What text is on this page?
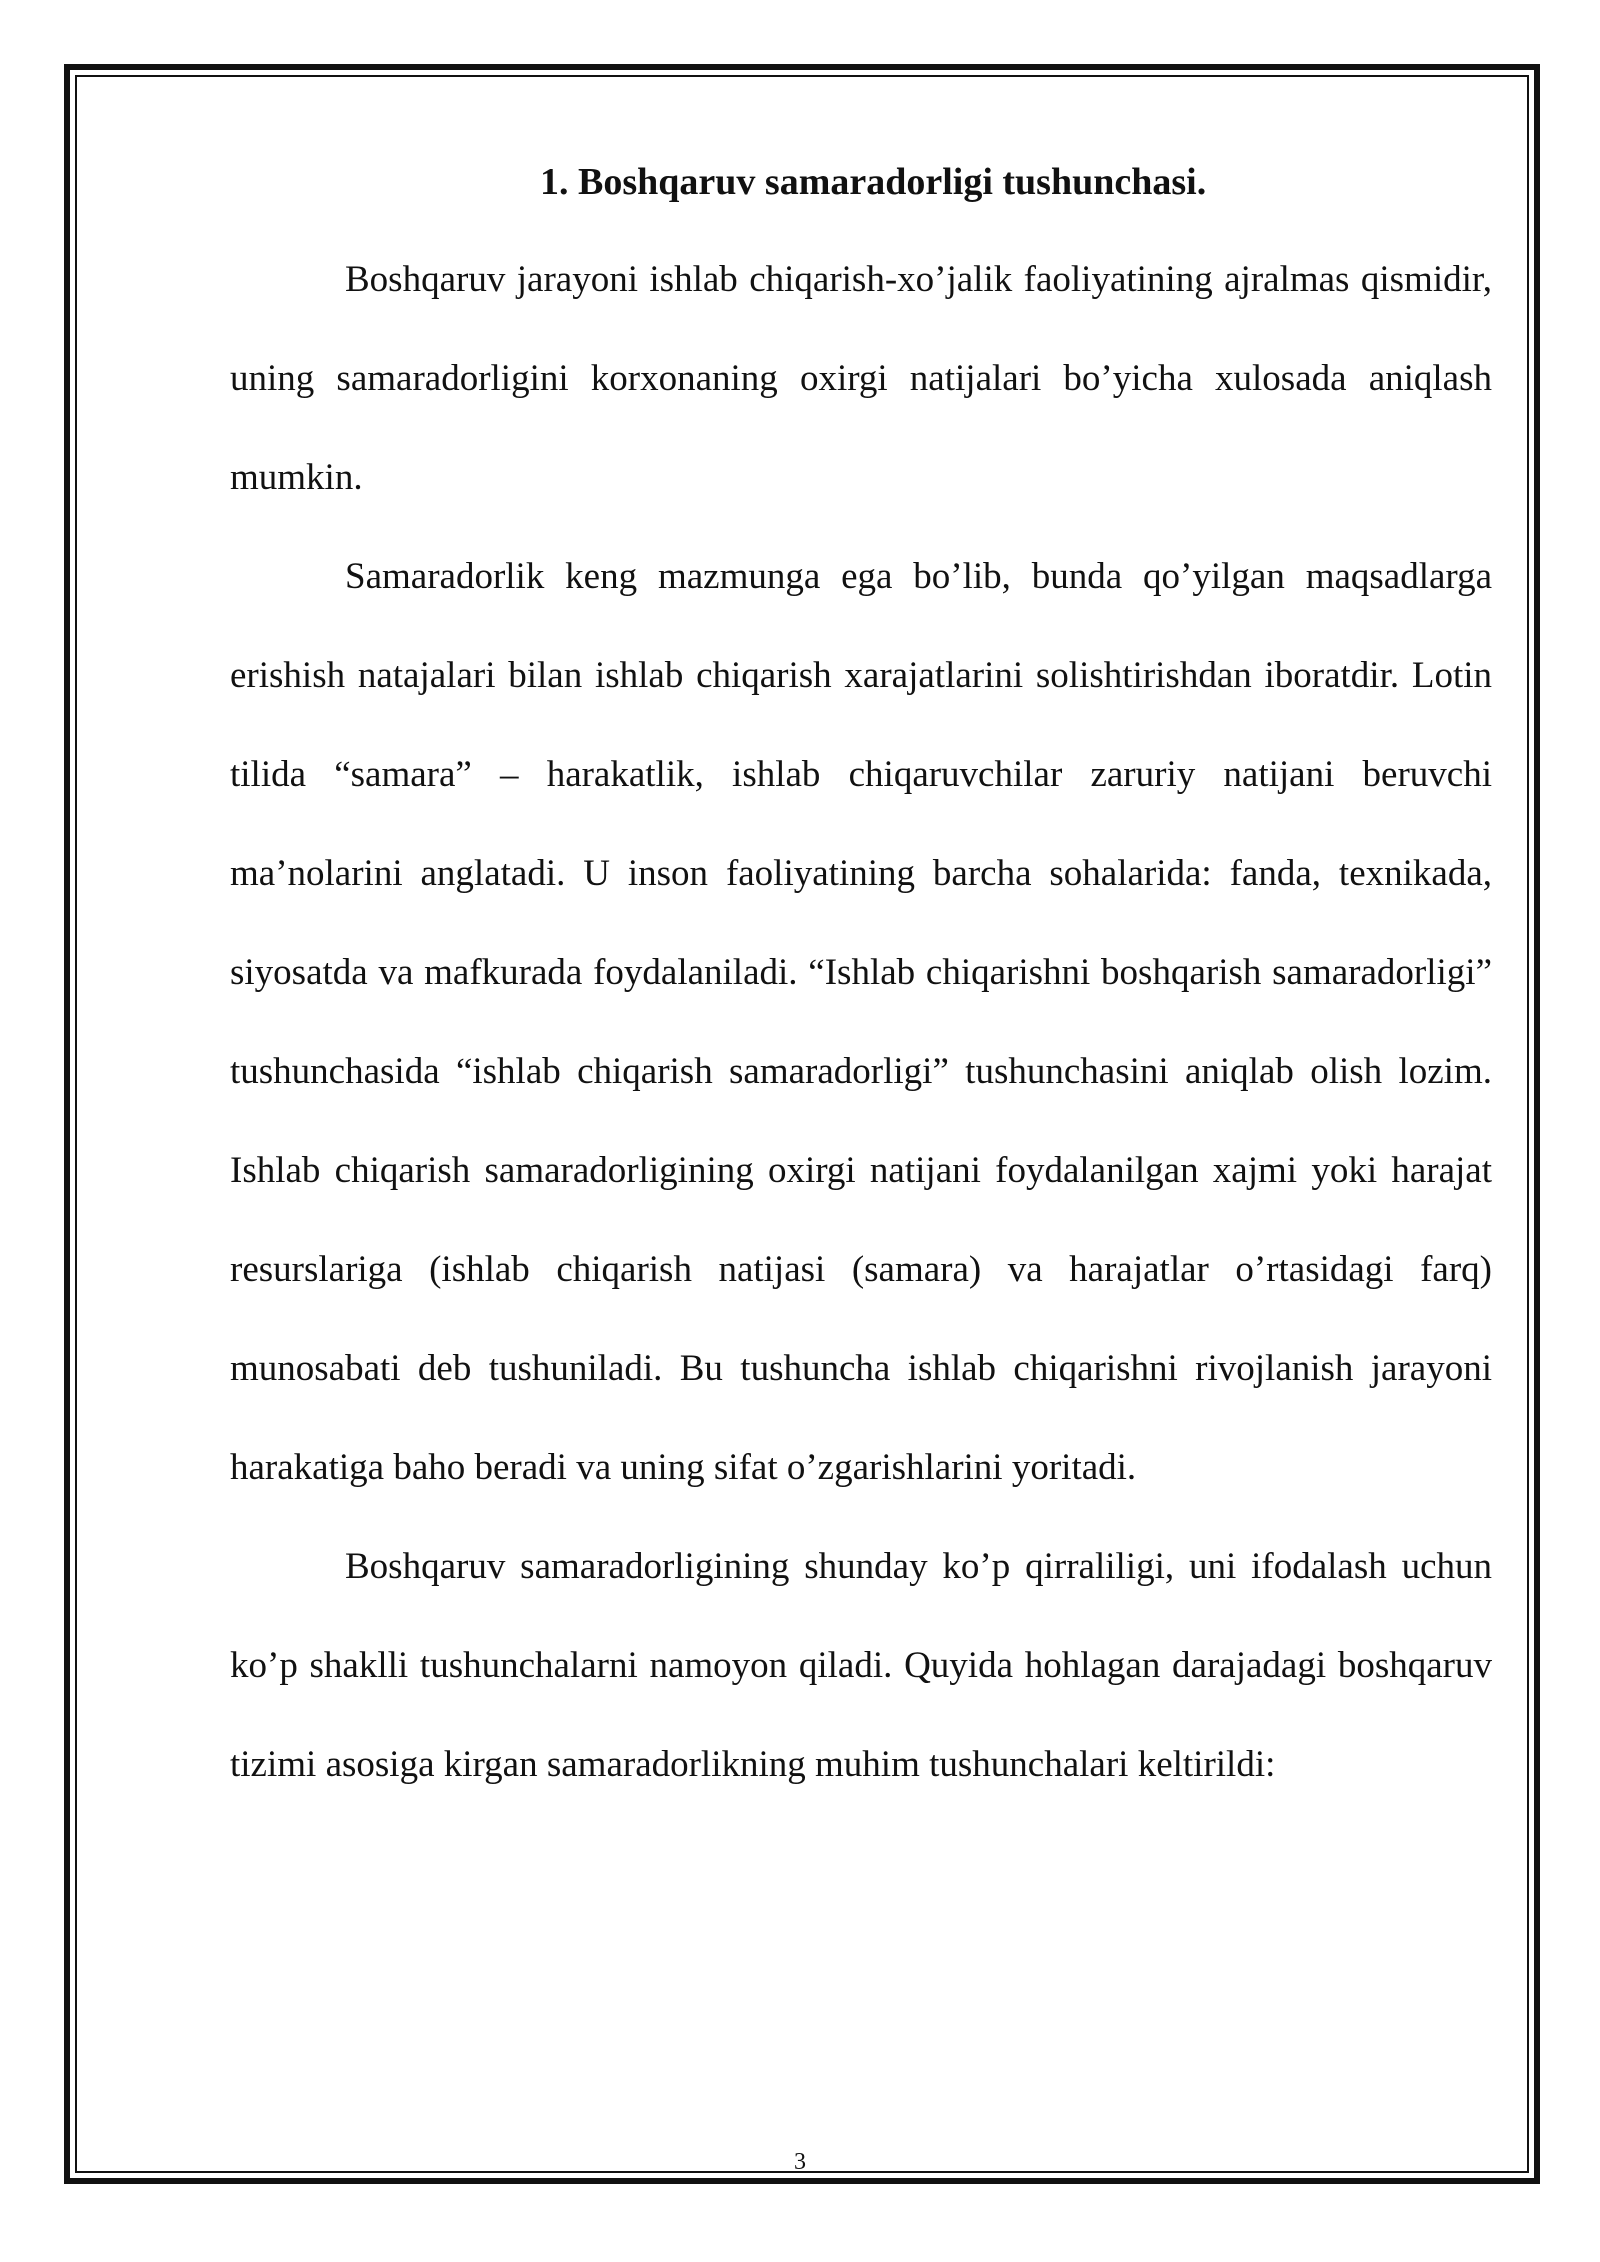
1. Boshqaruv samaradorligi tushunchasi.

Boshqaruv jarayoni ishlab chiqarish-xo’jalik faoliyatining ajralmas qismidir, uning samaradorligini korxonaning oxirgi natijalari bo’yicha xulosada aniqlash mumkin.

Samaradorlik keng mazmunga ega bo’lib, bunda qo’yilgan maqsadlarga erishish natajalari bilan ishlab chiqarish xarajatlarini solishtirishdan iboratdir. Lotin tilida “samara” – harakatlik, ishlab chiqaruvchilar zaruriy natijani beruvchi ma’nolarini anglatadi. U inson faoliyatining barcha sohalarida: fanda, texnikada, siyosatda va mafkurada foydalaniladi. “Ishlab chiqarishni boshqarish samaradorligi” tushunchasida “ishlab chiqarish samaradorligi” tushunchasini aniqlab olish lozim. Ishlab chiqarish samaradorligining oxirgi natijani foydalanilgan xajmi yoki harajat resurslariga (ishlab chiqarish natijasi (samara) va harajatlar o’rtasidagi farq) munosabati deb tushuniladi. Bu tushuncha ishlab chiqarishni rivojlanish jarayoni harakatiga baho beradi va uning sifat o’zgarishlarini yoritadi.

Boshqaruv samaradorligining shunday ko’p qirraliligi, uni ifodalash uchun ko’p shaklli tushunchalarni namoyon qiladi. Quyida hohlagan darajadagi boshqaruv tizimi asosiga kirgan samaradorlikning muhim tushunchalari keltirildi:

3
